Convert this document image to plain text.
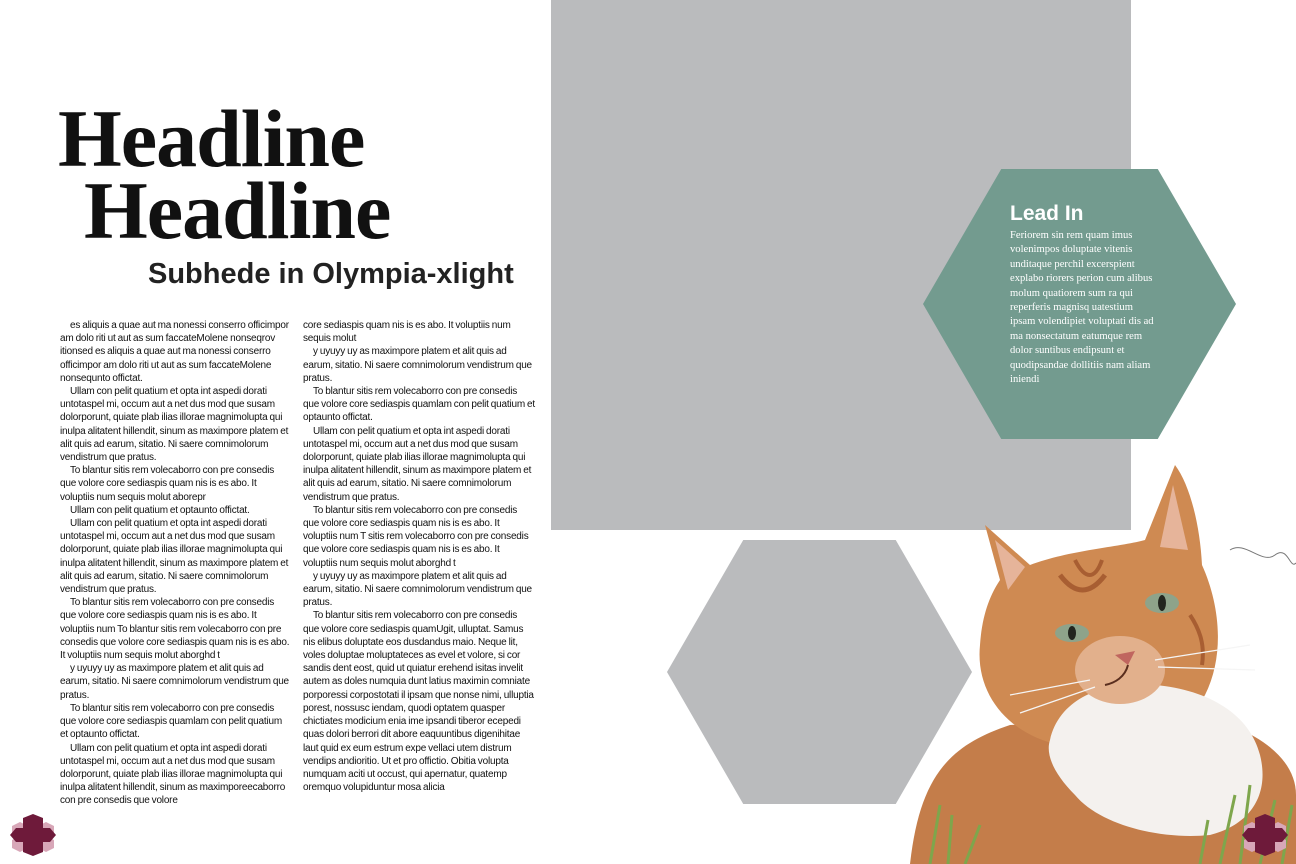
Headline
Headline
Subhede in Olympia-xlight

es aliquis a quae aut ma nonessi conserro officimpor am dolo riti ut aut as sum faccateMolene nonseqrov itionsed es aliquis a quae aut ma nonessi conserro officimpor am dolo riti ut aut as sum faccateMolene nonsequnto offictat.

Ullam con pelit quatium et opta int aspedi dorati untotaspel mi, occum aut a net dus mod que susam dolorporunt, quiate plab ilias illorae magnimolupta qui inulpa alitatent hillendit, sinum as maximpore platem et alit quis ad earum, sitatio. Ni saere comnimolorum vendistrum que pratus.

To blantur sitis rem volecaborro con pre consedis que volore core sediaspis quam nis is es abo. It voluptiis num sequis molut aborepr

Ullam con pelit quatium et optaunto offictat.

Ullam con pelit quatium et opta int aspedi dorati untotaspel mi, occum aut a net dus mod que susam dolorporunt, quiate plab ilias illorae magnimolupta qui inulpa alitatent hillendit, sinum as maximpore platem et alit quis ad earum, sitatio. Ni saere comnimolorum vendistrum que pratus.

To blantur sitis rem volecaborro con pre consedis que volore core sediaspis quam nis is es abo. It voluptiis num To blantur sitis rem volecaborro con pre consedis que volore core sediaspis quam nis is es abo. It voluptiis num sequis molut aborghd t

y uyuyy uy as maximpore platem et alit quis ad earum, sitatio. Ni saere comnimolorum vendistrum que pratus.

To blantur sitis rem volecaborro con pre consedis que volore core sediaspis quamlam con pelit quatium et optaunto offictat.

Ullam con pelit quatium et opta int aspedi dorati untotaspel mi, occum aut a net dus mod que susam dolorporunt, quiate plab ilias illorae magnimolupta qui inulpa alitatent hillendit, sinum as maximporeecaborro con pre consedis que volore

core sediaspis quam nis is es abo. It voluptiis num sequis molut

y uyuyy uy as maximpore platem et alit quis ad earum, sitatio. Ni saere comnimolorum vendistrum que pratus.

To blantur sitis rem volecaborro con pre consedis que volore core sediaspis quamlam con pelit quatium et optaunto offictat.

Ullam con pelit quatium et opta int aspedi dorati untotaspel mi, occum aut a net dus mod que susam dolorporunt, quiate plab ilias illorae magnimolupta qui inulpa alitatent hillendit, sinum as maximpore platem et alit quis ad earum, sitatio. Ni saere comnimolorum vendistrum que pratus.

To blantur sitis rem volecaborro con pre consedis que volore core sediaspis quam nis is es abo. It voluptiis num T sitis rem volecaborro con pre consedis que volore core sediaspis quam nis is es abo. It voluptiis num sequis molut aborghd t

y uyuyy uy as maximpore platem et alit quis ad earum, sitatio. Ni saere comnimolorum vendistrum que pratus.

To blantur sitis rem volecaborro con pre consedis que volore core sediaspis quamUgit, ulluptat. Samus nis elibus doluptate eos dusdandus maio. Neque lit, voles doluptae moluptateces as evel et volore, si cor sandis dent eost, quid ut quiatur erehend isitas invelit autem as doles numquia dunt latius maximin comniate porporessi corpostotati il ipsam que nonse nimi, ulluptia porest, nossusc iendam, quodi optatem quasper chictiates modicium enia ime ipsandi tiberor ecepedi quas dolori berrori dit abore eaquuntibus digenihitae laut quid ex eum estrum expe vellaci utem distrum vendips andioritio. Ut et pro offictio. Obitia volupta numquam aciti ut occust, qui apernatur, quatemp oremquo volupiduntur mosa alicia

Lead In
Feriorem sin rem quam imus volenimpos doluptate vitenis unditaque perchil excerspient explabo riorers perion cum alibus molum quatiorem sum ra qui reperferis magnisq uatestium ipsam volendipiet voluptati dis ad ma nonsectatum eatumque rem dolor suntibus endipsunt et quodipsandae dollitiis nam aliam iniendi
